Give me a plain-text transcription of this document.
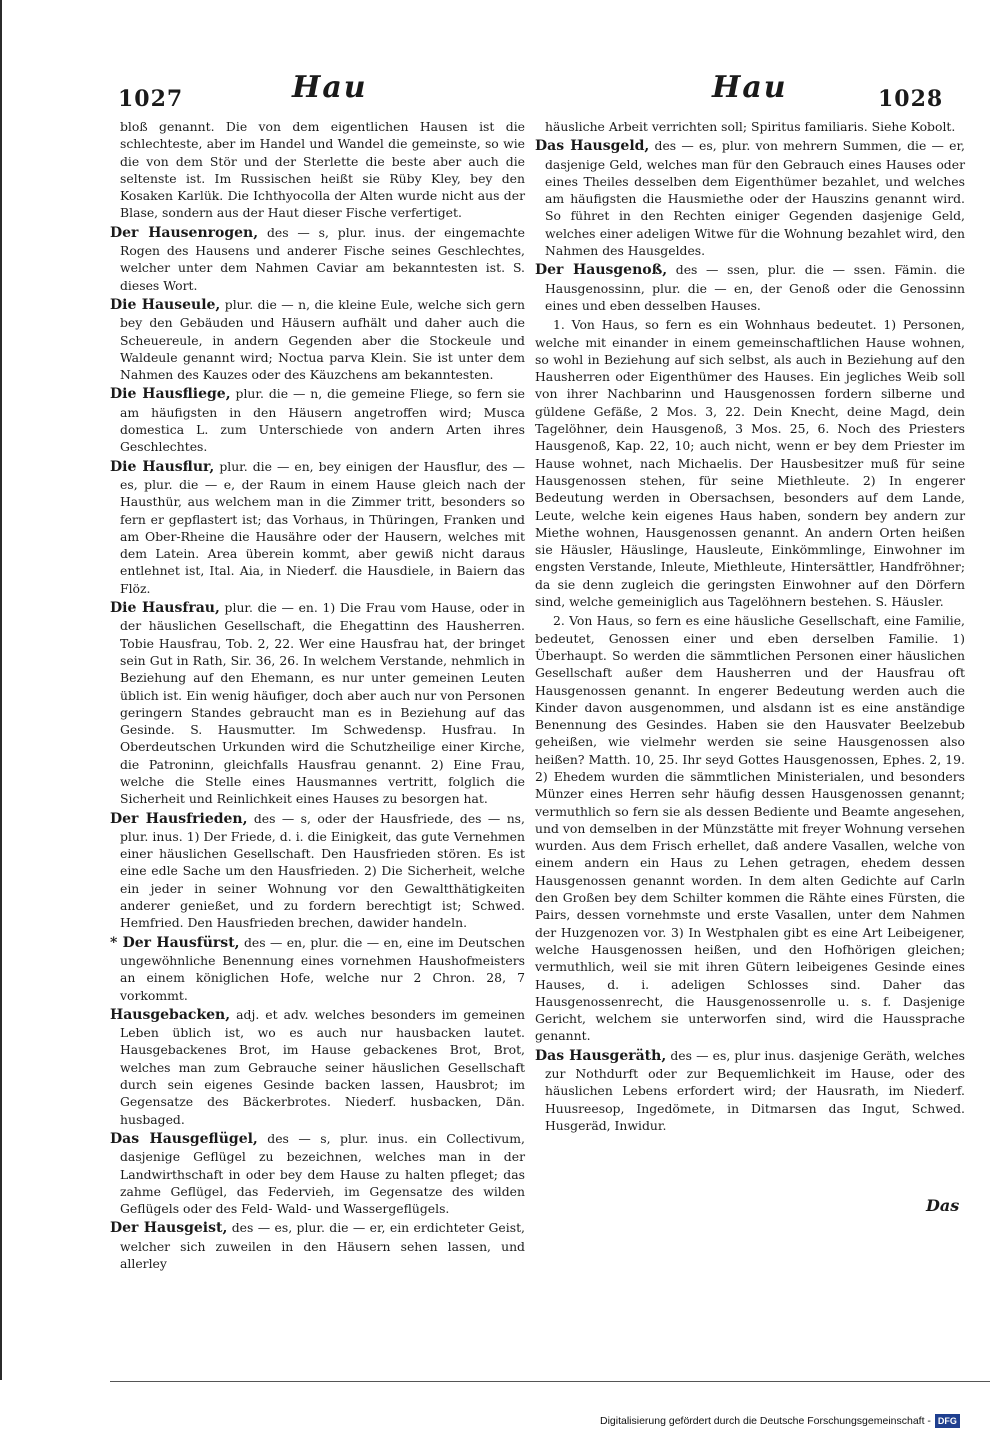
1027	Hau	Hau	1028

bloß genannt. Die von dem eigentlichen Hausen ist die schlechteste, aber im Handel und Wandel die gemeinste, so wie die von dem Stör und der Sterlette die beste aber auch die seltenste ist. Im Russischen heißt sie Rüby Kley, bey den Kosaken Karlük. Die Ichthyocolla der Alten wurde nicht aus der Blase, sondern aus der Haut dieser Fische verfertiget.

Der Hausenrogen, des — s, plur. inus. der eingemachte Rogen des Hausens und anderer Fische seines Geschlechtes, welcher unter dem Nahmen Caviar am bekanntesten ist. S. dieses Wort.

Die Hauseule, plur. die — n, die kleine Eule, welche sich gern bey den Gebäuden und Häusern aufhält und daher auch die Scheuereule, in andern Gegenden aber die Stockeule und Waldeule genannt wird; Noctua parva Klein. Sie ist unter dem Nahmen des Kauzes oder des Käuzchens am bekanntesten.

Die Hausfliege, plur. die — n, die gemeine Fliege, so fern sie am häufigsten in den Häusern angetroffen wird; Musca domestica L. zum Unterschiede von andern Arten ihres Geschlechtes.

Die Hausflur, plur. die — en, bey einigen der Hausflur, des — es, plur. die — e, der Raum in einem Hause gleich nach der Hausthür, aus welchem man in die Zimmer tritt, besonders so fern er gepflastert ist; das Vorhaus, in Thüringen, Franken und am Ober-Rheine die Hausähre oder der Hausern, welches mit dem Latein. Area überein kommt, aber gewiß nicht daraus entlehnet ist, Ital. Aia, in Niederf. die Hausdiele, in Baiern das Flöz.

Die Hausfrau, plur. die — en. 1) Die Frau vom Hause, oder in der häuslichen Gesellschaft, die Ehegattinn des Hausherren. Tobie Hausfrau, Tob. 2, 22. Wer eine Hausfrau hat, der bringet sein Gut in Rath, Sir. 36, 26. In welchem Verstande, nehmlich in Beziehung auf den Ehemann, es nur unter gemeinen Leuten üblich ist. Ein wenig häufiger, doch aber auch nur von Personen geringern Standes gebraucht man es in Beziehung auf das Gesinde. S. Hausmutter. Im Schwedensp. Husfrau. In Oberdeutschen Urkunden wird die Schutzheilige einer Kirche, die Patroninn, gleichfalls Hausfrau genannt. 2) Eine Frau, welche die Stelle eines Hausmannes vertritt, folglich die Sicherheit und Reinlichkeit eines Hauses zu besorgen hat.

Der Hausfrieden, des — s, oder der Hausfriede, des — ns, plur. inus. 1) Der Friede, d. i. die Einigkeit, das gute Vernehmen einer häuslichen Gesellschaft. Den Hausfrieden stören. Es ist eine edle Sache um den Hausfrieden. 2) Die Sicherheit, welche ein jeder in seiner Wohnung vor den Gewaltthätigkeiten anderer genießet, und zu fordern berechtigt ist; Schwed. Hemfried. Den Hausfrieden brechen, dawider handeln.

* Der Hausfürst, des — en, plur. die — en, eine im Deutschen ungewöhnliche Benennung eines vornehmen Haushofmeisters an einem königlichen Hofe, welche nur 2 Chron. 28, 7 vorkommt.

Hausgebacken, adj. et adv. welches besonders im gemeinen Leben üblich ist, wo es auch nur hausbacken lautet. Hausgebackenes Brot, im Hause gebackenes Brot, Brot, welches man zum Gebrauche seiner häuslichen Gesellschaft durch sein eigenes Gesinde backen lassen, Hausbrot; im Gegensatze des Bäckerbrotes. Niederf. husbacken, Dän. husbaged.

Das Hausgeflügel, des — s, plur. inus. ein Collectivum, dasjenige Geflügel zu bezeichnen, welches man in der Landwirthschaft in oder bey dem Hause zu halten pfleget; das zahme Geflügel, das Federvieh, im Gegensatze des wilden Geflügels oder des Feld- Wald- und Wassergeflügels.

Der Hausgeist, des — es, plur. die — er, ein erdichteter Geist, welcher sich zuweilen in den Häusern sehen lassen, und allerley

häusliche Arbeit verrichten soll; Spiritus familiaris. Siehe Kobolt.

Das Hausgeld, des — es, plur. von mehrern Summen, die — er, dasjenige Geld, welches man für den Gebrauch eines Hauses oder eines Theiles desselben dem Eigenthümer bezahlet, und welches am häufigsten die Hausmiethe oder der Hauszins genannt wird. So führet in den Rechten einiger Gegenden dasjenige Geld, welches einer adeligen Witwe für die Wohnung bezahlet wird, den Nahmen des Hausgeldes.

Der Hausgenoß, des — ssen, plur. die — ssen. Fämin. die Hausgenossinn, plur. die — en, der Genoß oder die Genossinn eines und eben desselben Hauses.

1. Von Haus, so fern es ein Wohnhaus bedeutet. 1) Personen, welche mit einander in einem gemeinschaftlichen Hause wohnen, so wohl in Beziehung auf sich selbst, als auch in Beziehung auf den Hausherren oder Eigenthümer des Hauses. Ein jegliches Weib soll von ihrer Nachbarinn und Hausgenossen fordern silberne und güldene Gefäße, 2 Mos. 3, 22. Dein Knecht, deine Magd, dein Tagelöhner, dein Hausgenoß, 3 Mos. 25, 6. Noch des Priesters Hausgenoß, Kap. 22, 10; auch nicht, wenn er bey dem Priester im Hause wohnet, nach Michaelis. Der Hausbesitzer muß für seine Hausgenossen stehen, für seine Miethleute. 2) In engerer Bedeutung werden in Obersachsen, besonders auf dem Lande, Leute, welche kein eigenes Haus haben, sondern bey andern zur Miethe wohnen, Hausgenossen genannt. An andern Orten heißen sie Häusler, Häuslinge, Hausleute, Einkömmlinge, Einwohner im engsten Verstande, Inleute, Miethleute, Hintersättler, Handfröhner; da sie denn zugleich die geringsten Einwohner auf den Dörfern sind, welche gemeiniglich aus Tagelöhnern bestehen. S. Häusler.

2. Von Haus, so fern es eine häusliche Gesellschaft, eine Familie, bedeutet, Genossen einer und eben derselben Familie. 1) Überhaupt. So werden die sämmtlichen Personen einer häuslichen Gesellschaft außer dem Hausherren und der Hausfrau oft Hausgenossen genannt. In engerer Bedeutung werden auch die Kinder davon ausgenommen, und alsdann ist es eine anständige Benennung des Gesindes. Haben sie den Hausvater Beelzebub geheißen, wie vielmehr werden sie seine Hausgenossen also heißen? Matth. 10, 25. Ihr seyd Gottes Hausgenossen, Ephes. 2, 19. 2) Ehedem wurden die sämmtlichen Ministerialen, und besonders Münzer eines Herren sehr häufig dessen Hausgenossen genannt; vermuthlich so fern sie als dessen Bediente und Beamte angesehen, und von demselben in der Münzstätte mit freyer Wohnung versehen wurden. Aus dem Frisch erhellet, daß andere Vasallen, welche von einem andern ein Haus zu Lehen getragen, ehedem dessen Hausgenossen genannt worden. In dem alten Gedichte auf Carln den Großen bey dem Schilter kommen die Rähte eines Fürsten, die Pairs, dessen vornehmste und erste Vasallen, unter dem Nahmen der Huzgenozen vor. 3) In Westphalen gibt es eine Art Leibeigener, welche Hausgenossen heißen, und den Hofhörigen gleichen; vermuthlich, weil sie mit ihren Gütern leibeigenes Gesinde eines Hauses, d. i. adeligen Schlosses sind. Daher das Hausgenossenrecht, die Hausgenossenrolle u. s. f. Dasjenige Gericht, welchem sie unterworfen sind, wird die Haussprache genannt.

Das Hausgeräth, des — es, plur inus. dasjenige Geräth, welches zur Nothdurft oder zur Bequemlichkeit im Hause, oder des häuslichen Lebens erfordert wird; der Hausrath, im Niederf. Huusreesop, Ingedömete, in Ditmarsen das Ingut, Schwed. Husgeräd, Inwidur.

Das
Digitalisierung gefördert durch die Deutsche Forschungsgemeinschaft - DFG
